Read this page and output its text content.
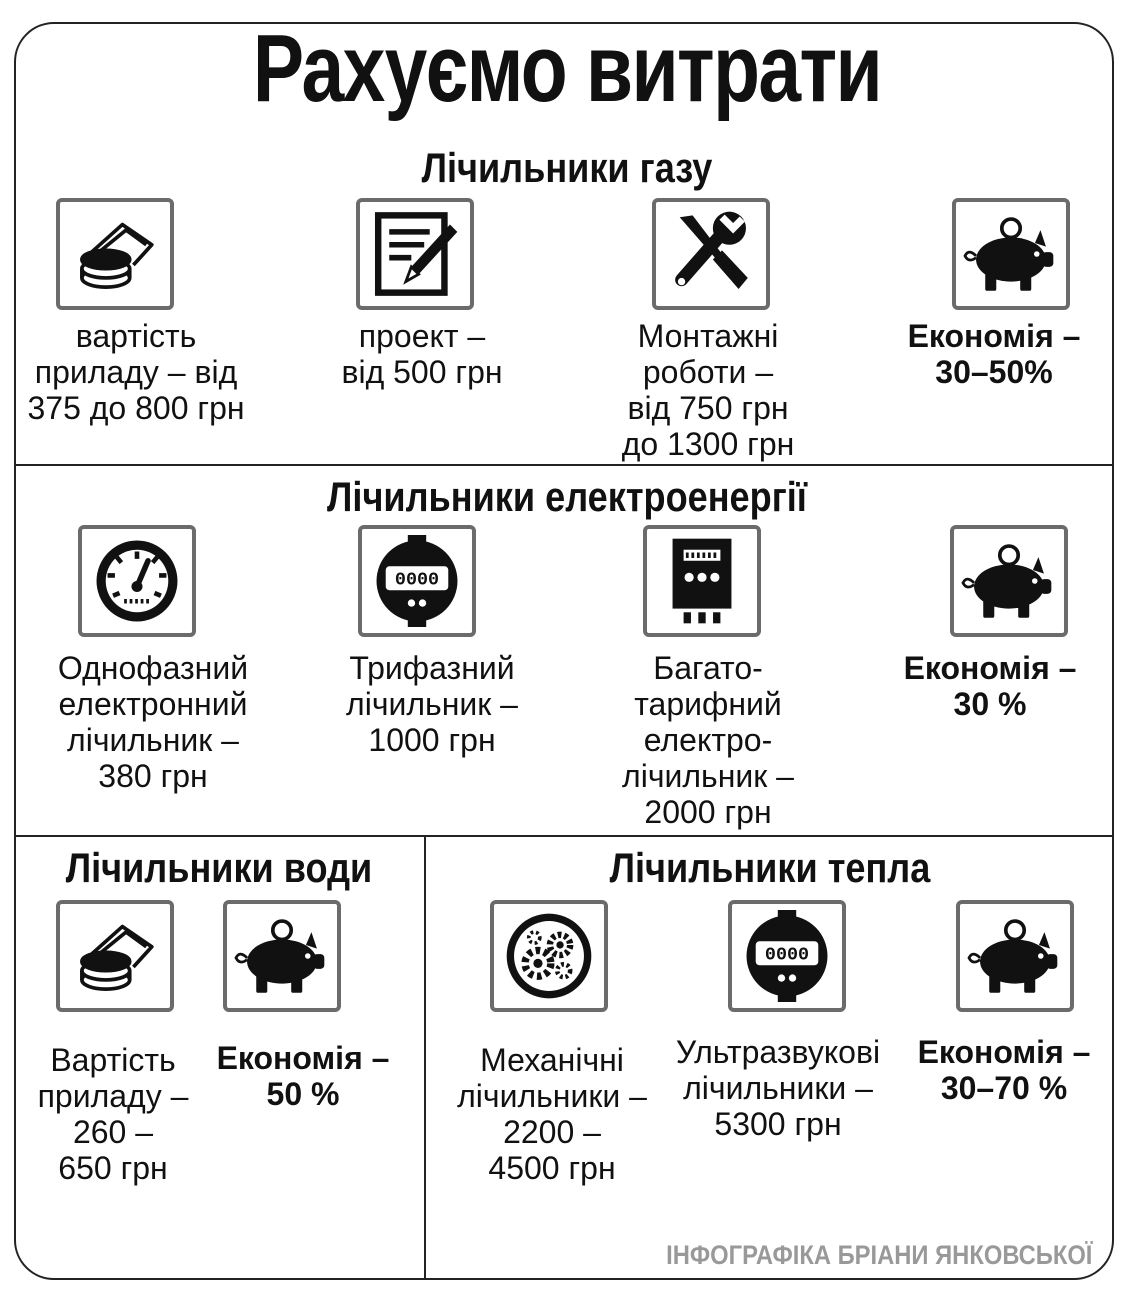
Рахуємо витрати
Лічильники газу
вартість
приладу – від
375 до 800 грн
проект –
від 500 грн
Монтажні
роботи –
від 750 грн
до 1300 грн
Економія –
30–50%
Лічильники електроенергії
0000
Однофазний
електронний
лічильник –
380 грн
Трифазний
лічильник –
1000 грн
Багато-
тарифний
електро-
лічильник –
2000 грн
Економія –
30 %
Лічильники води
Вартість
приладу –
260 –
650 грн
Економія –
50 %
Лічильники тепла
0000
Механічні
лічильники –
2200 –
4500 грн
Ультразвукові
лічильники –
5300 грн
Економія –
30–70 %
ІНФОГРАФІКА БРІАНИ ЯНКОВСЬКОЇ
